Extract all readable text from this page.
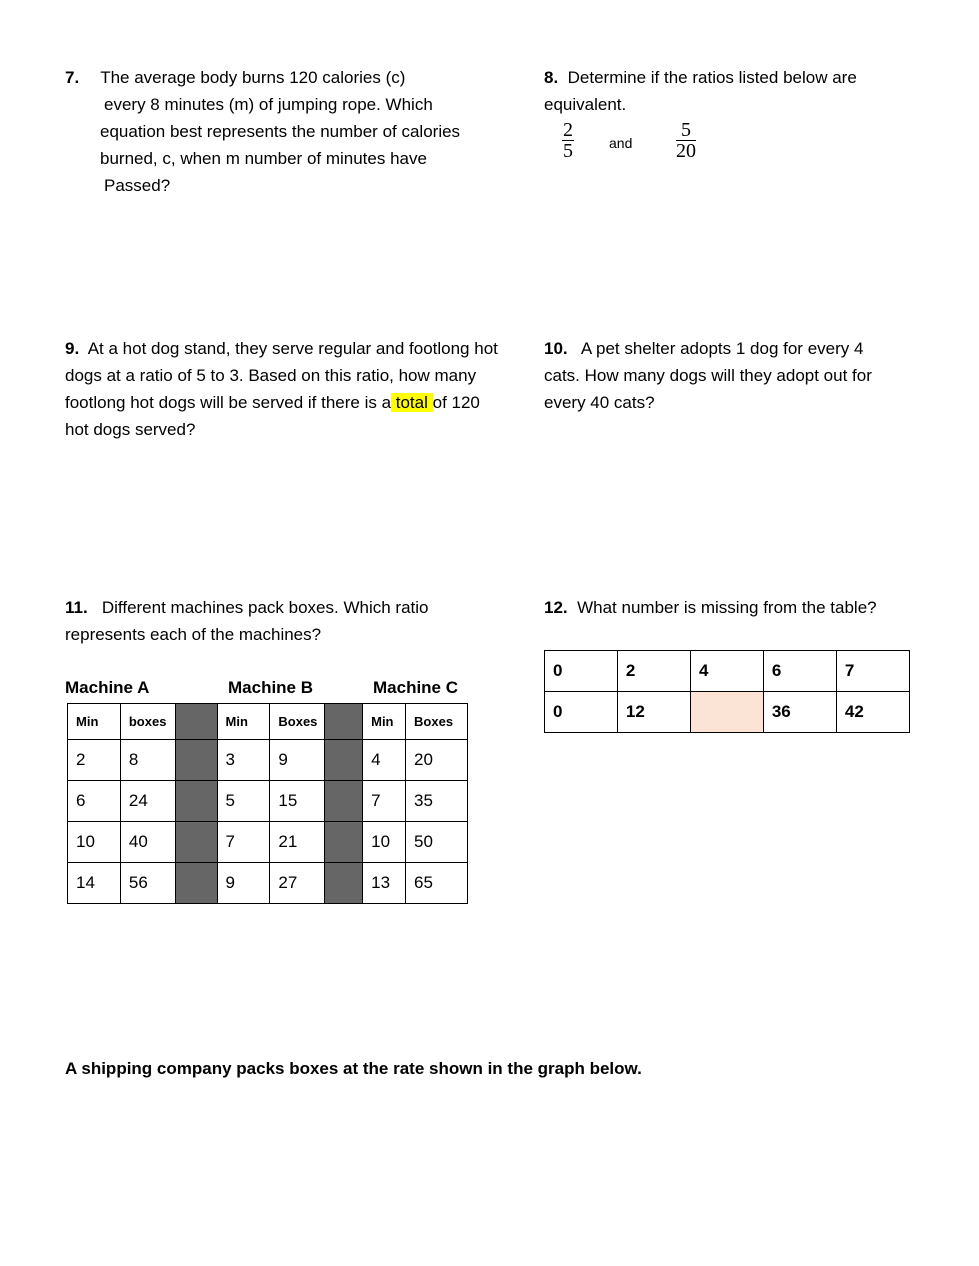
7. The average body burns 120 calories (c)
every 8 minutes (m) of jumping rope. Which
equation best represents the number of calories
burned, c, when m number of minutes have
Passed?
8. Determine if the ratios listed below are
equivalent.
$\frac{2}{5}$	and $\frac{5}{20}$
9. At a hot dog stand, they serve regular and footlong hot
dogs at a ratio of 5 to 3. Based on this ratio, how many
footlong hot dogs will be served if there is a total of 120
hot dogs served?
10. A pet shelter adopts 1 dog for every 4
cats. How many dogs will they adopt out for
every 40 cats?
11. Different machines pack boxes. Which ratio
represents each of the machines?
Machine A	Machine B	Machine C
Min	boxes		Min	Boxes		Min	Boxes
2	8		3	9		4	20
6	24		5	15		7	35
10	40		7	21		10	50
14	56		9	27		13	65
12. What number is missing from the table?
0	2	4	6	7
0	12		36	42
A shipping company packs boxes at the rate shown in the graph below.
